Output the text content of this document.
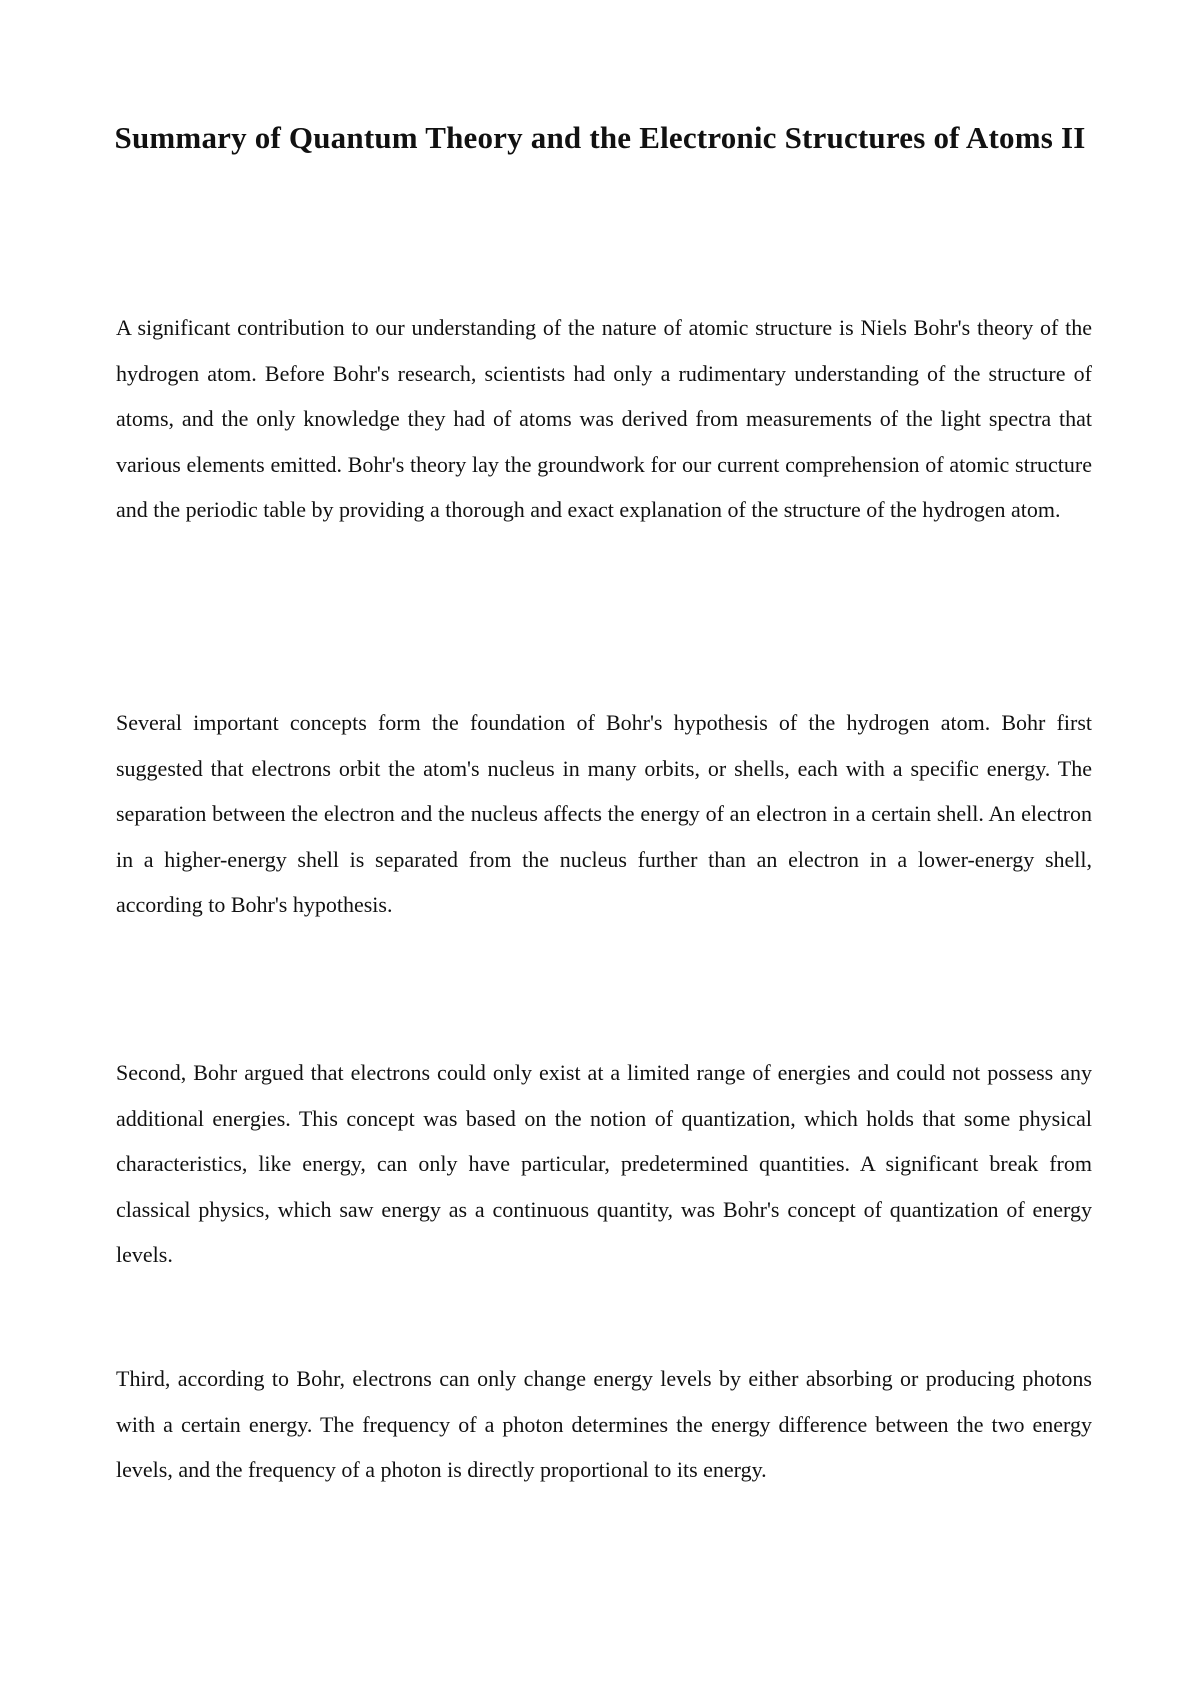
Summary of Quantum Theory and the Electronic Structures of Atoms II

A significant contribution to our understanding of the nature of atomic structure is Niels Bohr's theory of the hydrogen atom. Before Bohr's research, scientists had only a rudimentary understanding of the structure of atoms, and the only knowledge they had of atoms was derived from measurements of the light spectra that various elements emitted. Bohr's theory lay the groundwork for our current comprehension of atomic structure and the periodic table by providing a thorough and exact explanation of the structure of the hydrogen atom.

Several important concepts form the foundation of Bohr's hypothesis of the hydrogen atom. Bohr first suggested that electrons orbit the atom's nucleus in many orbits, or shells, each with a specific energy. The separation between the electron and the nucleus affects the energy of an electron in a certain shell. An electron in a higher-energy shell is separated from the nucleus further than an electron in a lower-energy shell, according to Bohr's hypothesis.

Second, Bohr argued that electrons could only exist at a limited range of energies and could not possess any additional energies. This concept was based on the notion of quantization, which holds that some physical characteristics, like energy, can only have particular, predetermined quantities. A significant break from classical physics, which saw energy as a continuous quantity, was Bohr's concept of quantization of energy levels.

Third, according to Bohr, electrons can only change energy levels by either absorbing or producing photons with a certain energy. The frequency of a photon determines the energy difference between the two energy levels, and the frequency of a photon is directly proportional to its energy.
